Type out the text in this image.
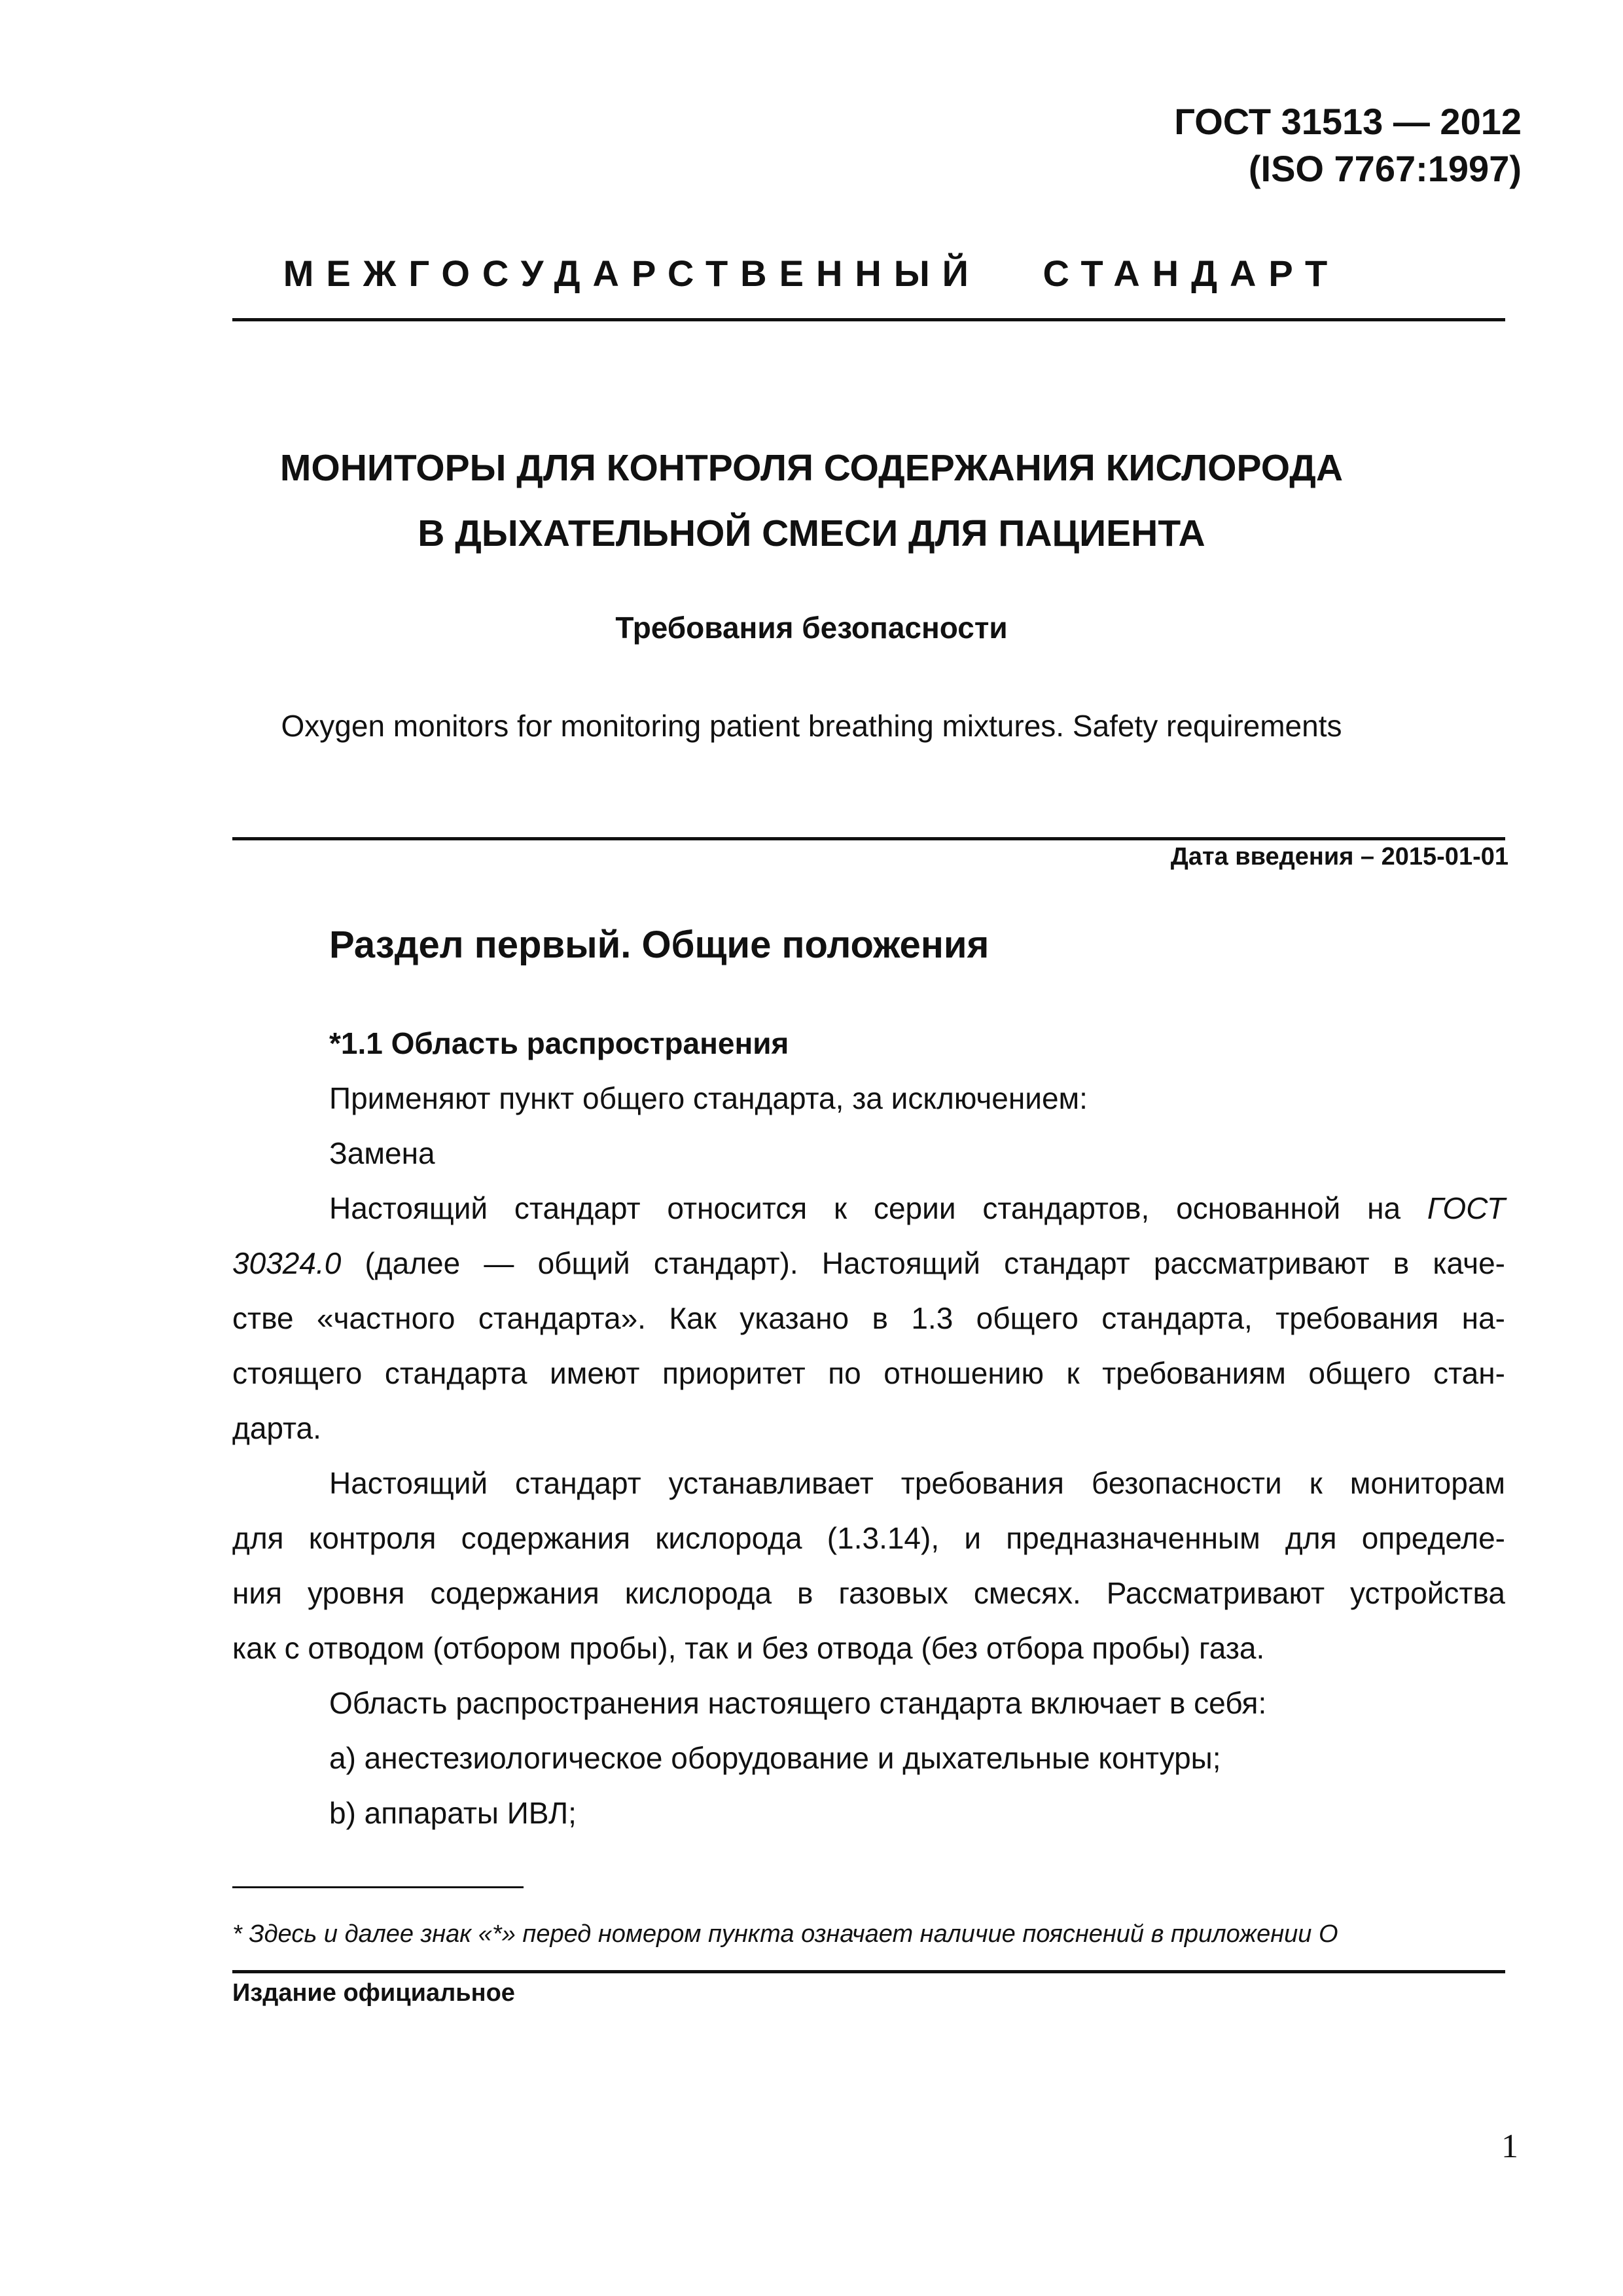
ГОСТ 31513 — 2012
(ISO 7767:1997)
МЕЖГОСУДАРСТВЕННЫЙ СТАНДАРТ
МОНИТОРЫ ДЛЯ КОНТРОЛЯ СОДЕРЖАНИЯ КИСЛОРОДА
В ДЫХАТЕЛЬНОЙ СМЕСИ ДЛЯ ПАЦИЕНТА
Требования безопасности
Oxygen monitors for monitoring patient breathing mixtures. Safety requirements
Дата введения – 2015-01-01
Раздел первый. Общие положения
*1.1 Область распространения
Применяют пункт общего стандарта, за исключением:
Замена
Настоящий стандарт относится к серии стандартов, основанной на ГОСТ
30324.0 (далее — общий стандарт). Настоящий стандарт рассматривают в каче-
стве «частного стандарта». Как указано в 1.3 общего стандарта, требования на-
стоящего стандарта имеют приоритет по отношению к требованиям общего стан-
дарта.
Настоящий стандарт устанавливает требования безопасности к мониторам
для контроля содержания кислорода (1.3.14), и предназначенным для определе-
ния уровня содержания кислорода в газовых смесях. Рассматривают устройства
как с отводом (отбором пробы), так и без отвода (без отбора пробы) газа.
Область распространения настоящего стандарта включает в себя:
а) анестезиологическое оборудование и дыхательные контуры;
b) аппараты ИВЛ;
* Здесь и далее знак «*» перед номером пункта означает наличие пояснений в приложении О
Издание официальное
1
